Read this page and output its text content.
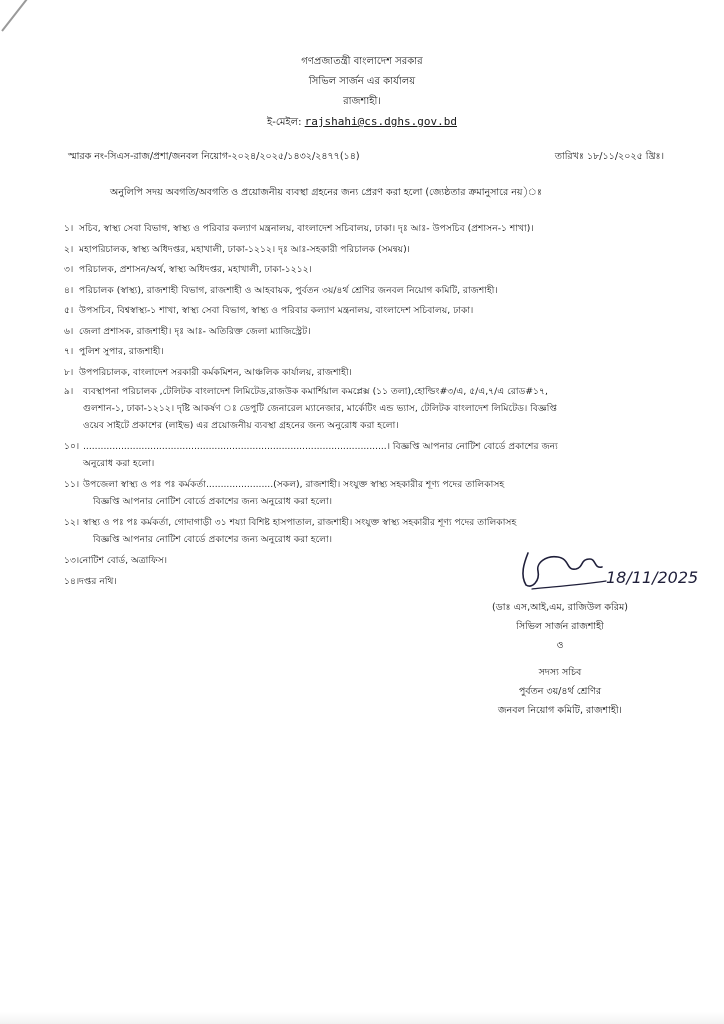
গণপ্রজাতন্ত্রী বাংলাদেশ সরকার
সিভিল সার্জন এর কার্যালয়
রাজশাহী।
ই-মেইল: rajshahi@cs.dghs.gov.bd
স্মারক নং-সিএস-রাজ/প্রশা/জনবল নিয়োগ-২০২৪/২০২৫/১৪৩২/২৪৭৭(১৪)	তারিখঃ ১৮/১১/২০২৫ খ্রিঃ।
অনুলিপি সদয় অবগতি/অবগতি ও প্রয়োজনীয় ব্যবস্থা গ্রহনের জন্য প্রেরণ করা হলো (জ্যেষ্ঠতার ক্রমানুসারে নয়)ঃ
১। সচিব, স্বাস্থ্য সেবা বিভাগ, স্বাস্থ্য ও পরিবার কল্যাণ মন্ত্রনালয়, বাংলাদেশ সচিবালয়, ঢাকা। দৃঃ আঃ- উপসচিব (প্রশাসন-১ শাখা)।
২। মহাপরিচালক, স্বাস্থ্য অধিদপ্তর, মহাখালী, ঢাকা-১২১২। দৃঃ আঃ-সহকারী পরিচালক (সমন্বয়)।
৩। পরিচালক, প্রশাসন/অর্থ, স্বাস্থ্য অধিদপ্তর, মহাখালী, ঢাকা-১২১২।
৪। পরিচালক (স্বাস্থ্য), রাজশাহী বিভাগ, রাজশাহী ও আহবায়ক, পুর্বতন ৩য়/৪র্থ শ্রেণির জনবল নিয়োগ কমিটি, রাজশাহী।
৫। উপসচিব, বিশ্বস্বাস্থ্য-১ শাখা, স্বাস্থ্য সেবা বিভাগ, স্বাস্থ্য ও পরিবার কল্যাণ মন্ত্রনালয়, বাংলাদেশ সচিবালয়, ঢাকা।
৬। জেলা প্রশাসক, রাজশাহী। দৃঃ আঃ- অতিরিক্ত জেলা ম্যাজিস্ট্রেট।
৭। পুলিশ সুপার, রাজশাহী।
৮। উপপরিচালক, বাংলাদেশ সরকারী কর্মকমিশন, আঞ্চলিক কার্যালয়, রাজশাহী।
৯।	ব্যবস্থাপনা পরিচালক ,টেলিটক বাংলাদেশ লিমিটেড,রাজউক কমার্শিয়াল কমপ্লেক্স (১১ তলা),হোল্ডিং#৩/এ, ৫/এ,৭/এ রোড#১৭,
গুলশান-১, ঢাকা-১২১২। দৃষ্টি আকর্ষণ ঃ ডেপুটি জেনারেল ম্যানেজার, মার্কেটিং এন্ড ভ্যাস, টেলিটক বাংলাদেশ লিমিটেড। বিজ্ঞপ্তি
ওয়েব সাইটে প্রকাশের (লাইভ) এর প্রয়োজনীয় ব্যবস্থা গ্রহনের জন্য অনুরোধ করা হলো।
১০। ........................................................................................................। বিজ্ঞপ্তি আপনার নোটিশ বোর্ডে প্রকাশের জন্য
অনুরোধ করা হলো।
১১। উপজেলা স্বাস্থ্য ও পঃ পঃ কর্মকর্তা.......................(সকল), রাজশাহী। সংযুক্ত স্বাস্থ্য সহকারীর শূণ্য পদের তালিকাসহ
বিজ্ঞপ্তি আপনার নোটিশ বোর্ডে প্রকাশের জন্য অনুরোধ করা হলো।
১২। স্বাস্থ্য ও পঃ পঃ কর্মকর্তা, গোদাগাড়ী ৩১ শয্যা বিশিষ্ট হাসপাতাল, রাজশাহী। সংযুক্ত স্বাস্থ্য সহকারীর শূণ্য পদের তালিকাসহ
বিজ্ঞপ্তি আপনার নোটিশ বোর্ডে প্রকাশের জন্য অনুরোধ করা হলো।
১৩। নোটিশ বোর্ড, অত্রাফিস।
১৪। দপ্তর নথি।	18/11/2025
(ডাঃ এস,আই,এম, রাজিউল করিম)
সিভিল সার্জন রাজশাহী
ও
সদস্য সচিব
পুর্বতন ৩য়/৪র্থ শ্রেণির
জনবল নিয়োগ কমিটি, রাজশাহী।
